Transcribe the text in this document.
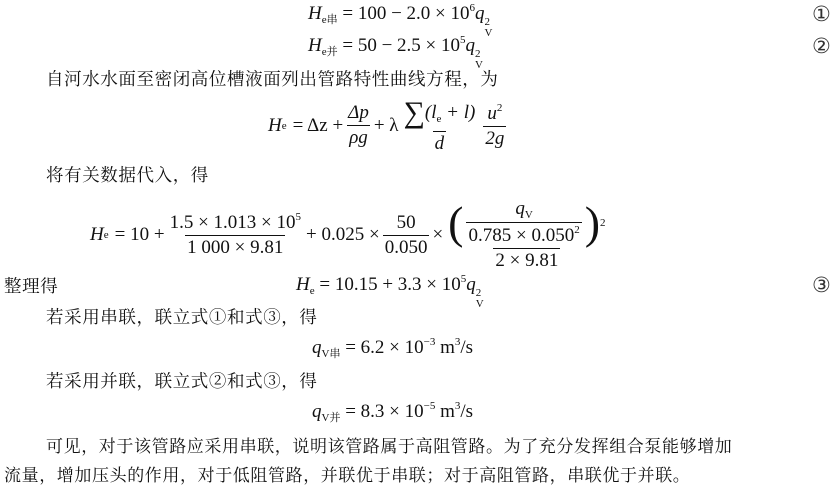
$H_{e串} = 100 - 2.0 \times 10^6q$ 2
V
①
$H_{e并} = 50 - 2.5 \times 10^5q$ 2
V
②
自河水水面至密闭高位槽液面列出管路特性曲线方程，为
H $e = \Delta z + \frac{\Delta p}{\rho g} + \lambda \frac{\sum(l_e + l)}{d} \frac{u^2}{2g}$
将有关数据代入，得
H $e = 10 + \frac{1.5 \times 1.013 \times 10^5}{1 000 \times 9.81} + 0.025 \times \frac{50}{0.050} \times \frac{( \frac{q_V}{0.785 \times 0.050^2} ) 2}{2 \times 9.81}$
整理得	$H_e = 10.15 + 3.3 \times 10^5q$ 2
V
③
若采用串联，联立式①和式③，得
$q_{V串} = 6.2 \times 10^{-3}$ $m^3/s$
若采用并联，联立式②和式③，得
$q_{V并} = 8.3 \times 10^{-5}$ $m^3/s$
可见，对于该管路应采用串联，说明该管路属于高阻管路。为了充分发挥组合泵能够增加
流量，增加压头的作用，对于低阻管路，并联优于串联；对于高阻管路，串联优于并联。
